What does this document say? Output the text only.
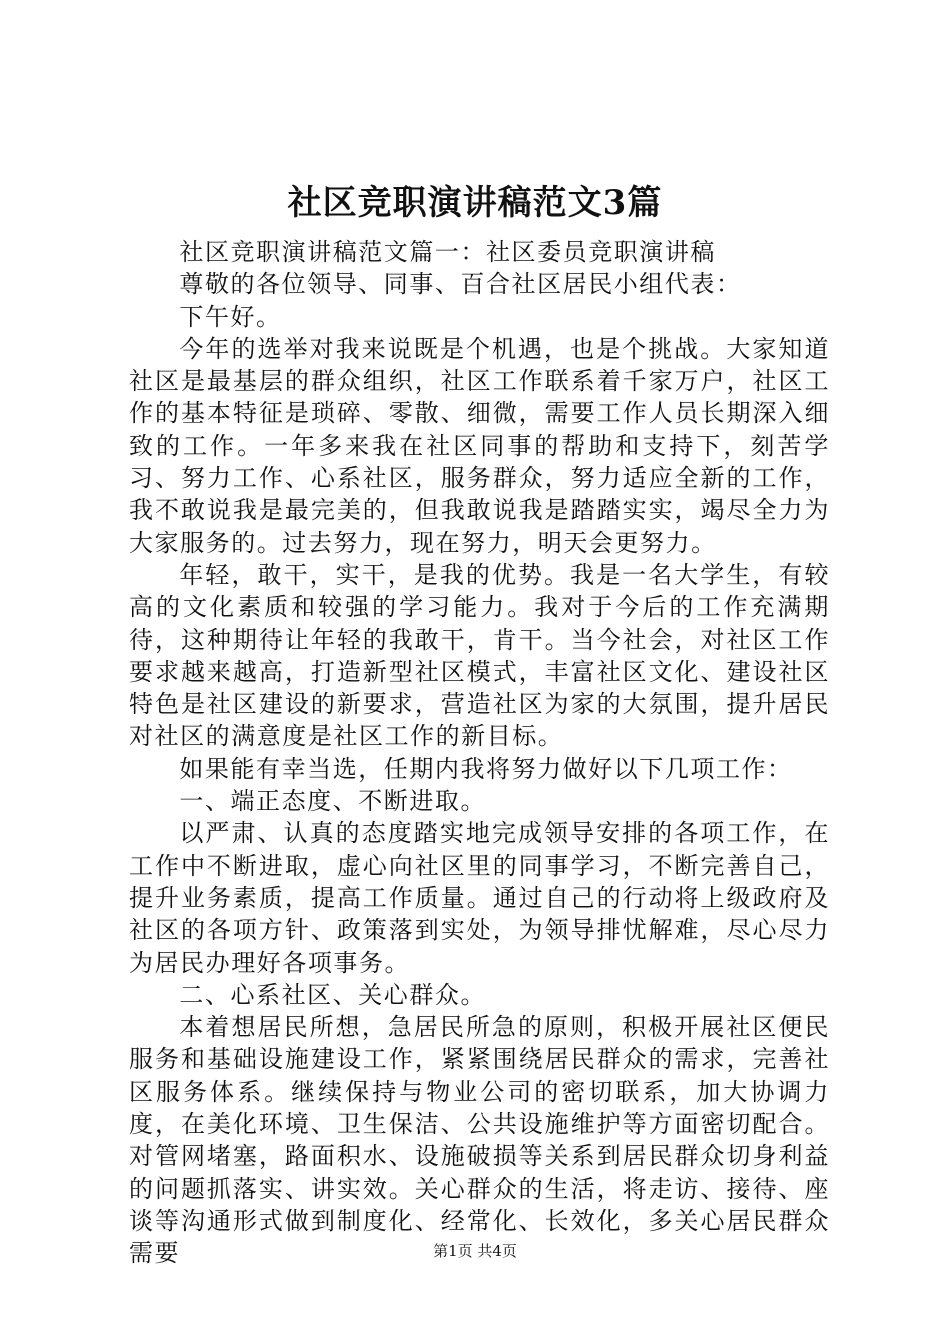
社区竞职演讲稿范文3篇

社区竞职演讲稿范文篇一：社区委员竞职演讲稿

尊敬的各位领导、同事、百合社区居民小组代表：

下午好。

今年的选举对我来说既是个机遇，也是个挑战。大家知道社区是最基层的群众组织，社区工作联系着千家万户，社区工作的基本特征是琐碎、零散、细微，需要工作人员长期深入细致的工作。一年多来我在社区同事的帮助和支持下，刻苦学习、努力工作、心系社区，服务群众，努力适应全新的工作，我不敢说我是最完美的，但我敢说我是踏踏实实，竭尽全力为大家服务的。过去努力，现在努力，明天会更努力。

年轻，敢干，实干，是我的优势。我是一名大学生，有较高的文化素质和较强的学习能力。我对于今后的工作充满期待，这种期待让年轻的我敢干，肯干。当今社会，对社区工作要求越来越高，打造新型社区模式，丰富社区文化、建设社区特色是社区建设的新要求，营造社区为家的大氛围，提升居民对社区的满意度是社区工作的新目标。

如果能有幸当选，任期内我将努力做好以下几项工作：

一、端正态度、不断进取。

以严肃、认真的态度踏实地完成领导安排的各项工作，在工作中不断进取，虚心向社区里的同事学习，不断完善自己，提升业务素质，提高工作质量。通过自己的行动将上级政府及社区的各项方针、政策落到实处，为领导排忧解难，尽心尽力为居民办理好各项事务。

二、心系社区、关心群众。

本着想居民所想，急居民所急的原则，积极开展社区便民服务和基础设施建设工作，紧紧围绕居民群众的需求，完善社区服务体系。继续保持与物业公司的密切联系，加大协调力度，在美化环境、卫生保洁、公共设施维护等方面密切配合。对管网堵塞，路面积水、设施破损等关系到居民群众切身利益的问题抓落实、讲实效。关心群众的生活，将走访、接待、座谈等沟通形式做到制度化、经常化、长效化，多关心居民群众需要	第1页 共4页
